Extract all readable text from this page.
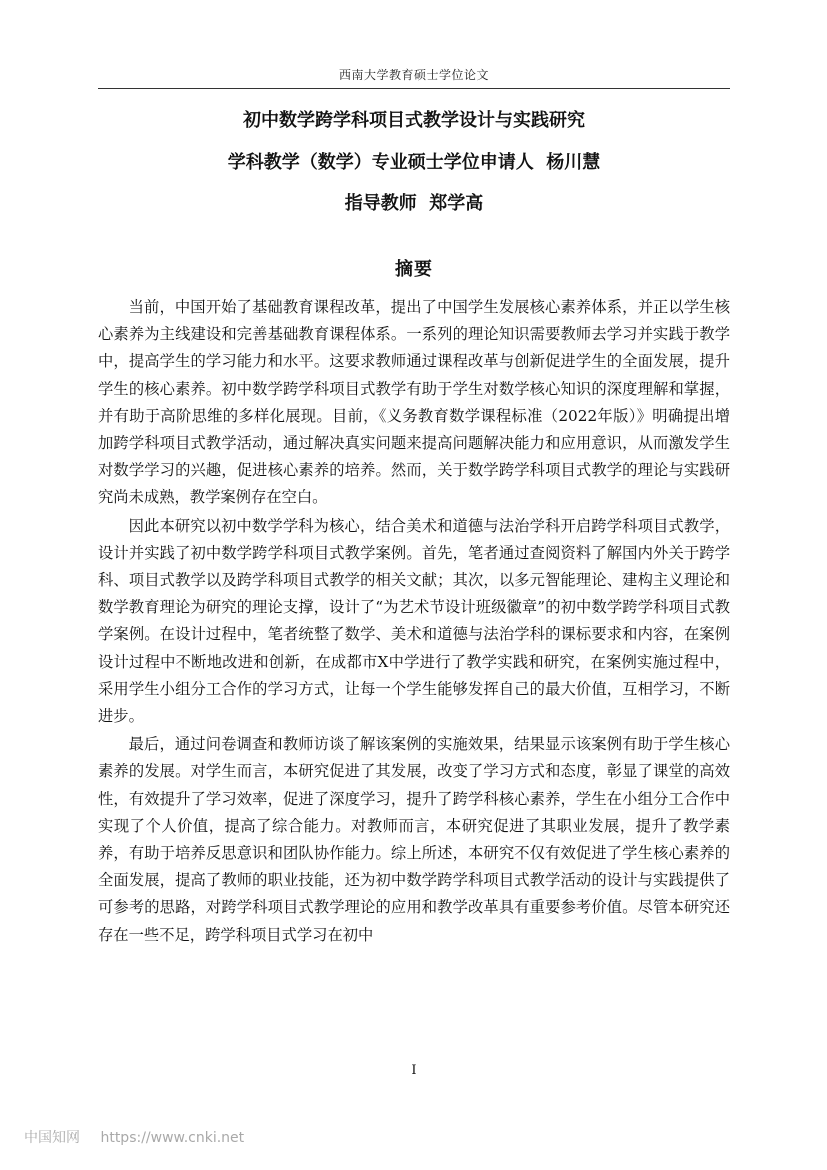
西南大学教育硕士学位论文
初中数学跨学科项目式教学设计与实践研究
学科教学（数学）专业硕士学位申请人  杨川慧
指导教师  郑学高
摘要

当前，中国开始了基础教育课程改革，提出了中国学生发展核心素养体系，并正以学生核心素养为主线建设和完善基础教育课程体系。一系列的理论知识需要教师去学习并实践于教学中，提高学生的学习能力和水平。这要求教师通过课程改革与创新促进学生的全面发展，提升学生的核心素养。初中数学跨学科项目式教学有助于学生对数学核心知识的深度理解和掌握，并有助于高阶思维的多样化展现。目前，《义务教育数学课程标准（2022年版）》明确提出增加跨学科项目式教学活动，通过解决真实问题来提高问题解决能力和应用意识，从而激发学生对数学学习的兴趣，促进核心素养的培养。然而，关于数学跨学科项目式教学的理论与实践研究尚未成熟，教学案例存在空白。

因此本研究以初中数学学科为核心，结合美术和道德与法治学科开启跨学科项目式教学，设计并实践了初中数学跨学科项目式教学案例。首先，笔者通过查阅资料了解国内外关于跨学科、项目式教学以及跨学科项目式教学的相关文献；其次，以多元智能理论、建构主义理论和数学教育理论为研究的理论支撑，设计了“为艺术节设计班级徽章”的初中数学跨学科项目式教学案例。在设计过程中，笔者统整了数学、美术和道德与法治学科的课标要求和内容，在案例设计过程中不断地改进和创新，在成都市X中学进行了教学实践和研究，在案例实施过程中，采用学生小组分工合作的学习方式，让每一个学生能够发挥自己的最大价值，互相学习，不断进步。

最后，通过问卷调查和教师访谈了解该案例的实施效果，结果显示该案例有助于学生核心素养的发展。对学生而言，本研究促进了其发展，改变了学习方式和态度，彰显了课堂的高效性，有效提升了学习效率，促进了深度学习，提升了跨学科核心素养，学生在小组分工合作中实现了个人价值，提高了综合能力。对教师而言，本研究促进了其职业发展，提升了教学素养，有助于培养反思意识和团队协作能力。综上所述，本研究不仅有效促进了学生核心素养的全面发展，提高了教师的职业技能，还为初中数学跨学科项目式教学活动的设计与实践提供了可参考的思路，对跨学科项目式教学理论的应用和教学改革具有重要参考价值。尽管本研究还存在一些不足，跨学科项目式学习在初中

I
中国知网 https://www.cnki.net
